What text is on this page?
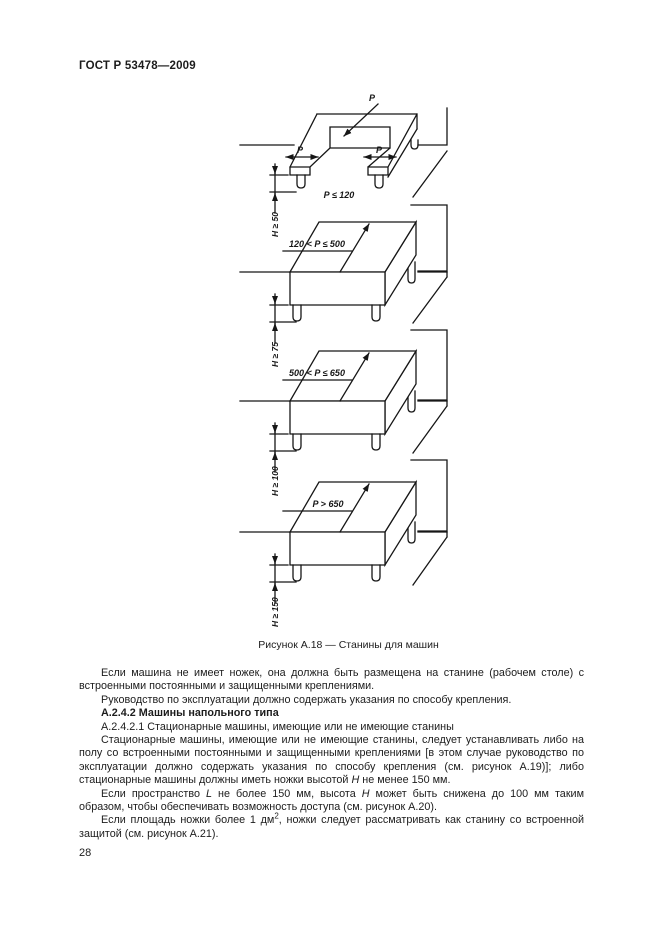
ГОСТ Р 53478—2009
P
P	P
P ≤ 120
H ≥ 50
120 < P ≤ 500
H ≥ 75
500 < P ≤ 650
H ≥ 100
P > 650
H ≥ 150
Рисунок А.18 — Станины для машин

Если машина не имеет ножек, она должна быть размещена на станине (рабочем столе) с встроенными постоянными и защищенными креплениями.

Руководство по эксплуатации должно содержать указания по способу крепления.

А.2.4.2 Машины напольного типа

А.2.4.2.1 Стационарные машины, имеющие или не имеющие станины

Стационарные машины, имеющие или не имеющие станины, следует устанавливать либо на полу со встроенными постоянными и защищенными креплениями [в этом случае руководство по эксплуатации должно содержать указания по способу крепления (см. рисунок А.19)]; либо стационарные машины должны иметь ножки высотой H не менее 150 мм.

Если пространство L не более 150 мм, высота H может быть снижена до 100 мм таким образом, чтобы обеспечивать возможность доступа (см. рисунок А.20).

Если площадь ножки более 1 $дм^2$, ножки следует рассматривать как станину со встроенной защитой (см. рисунок А.21).

28
